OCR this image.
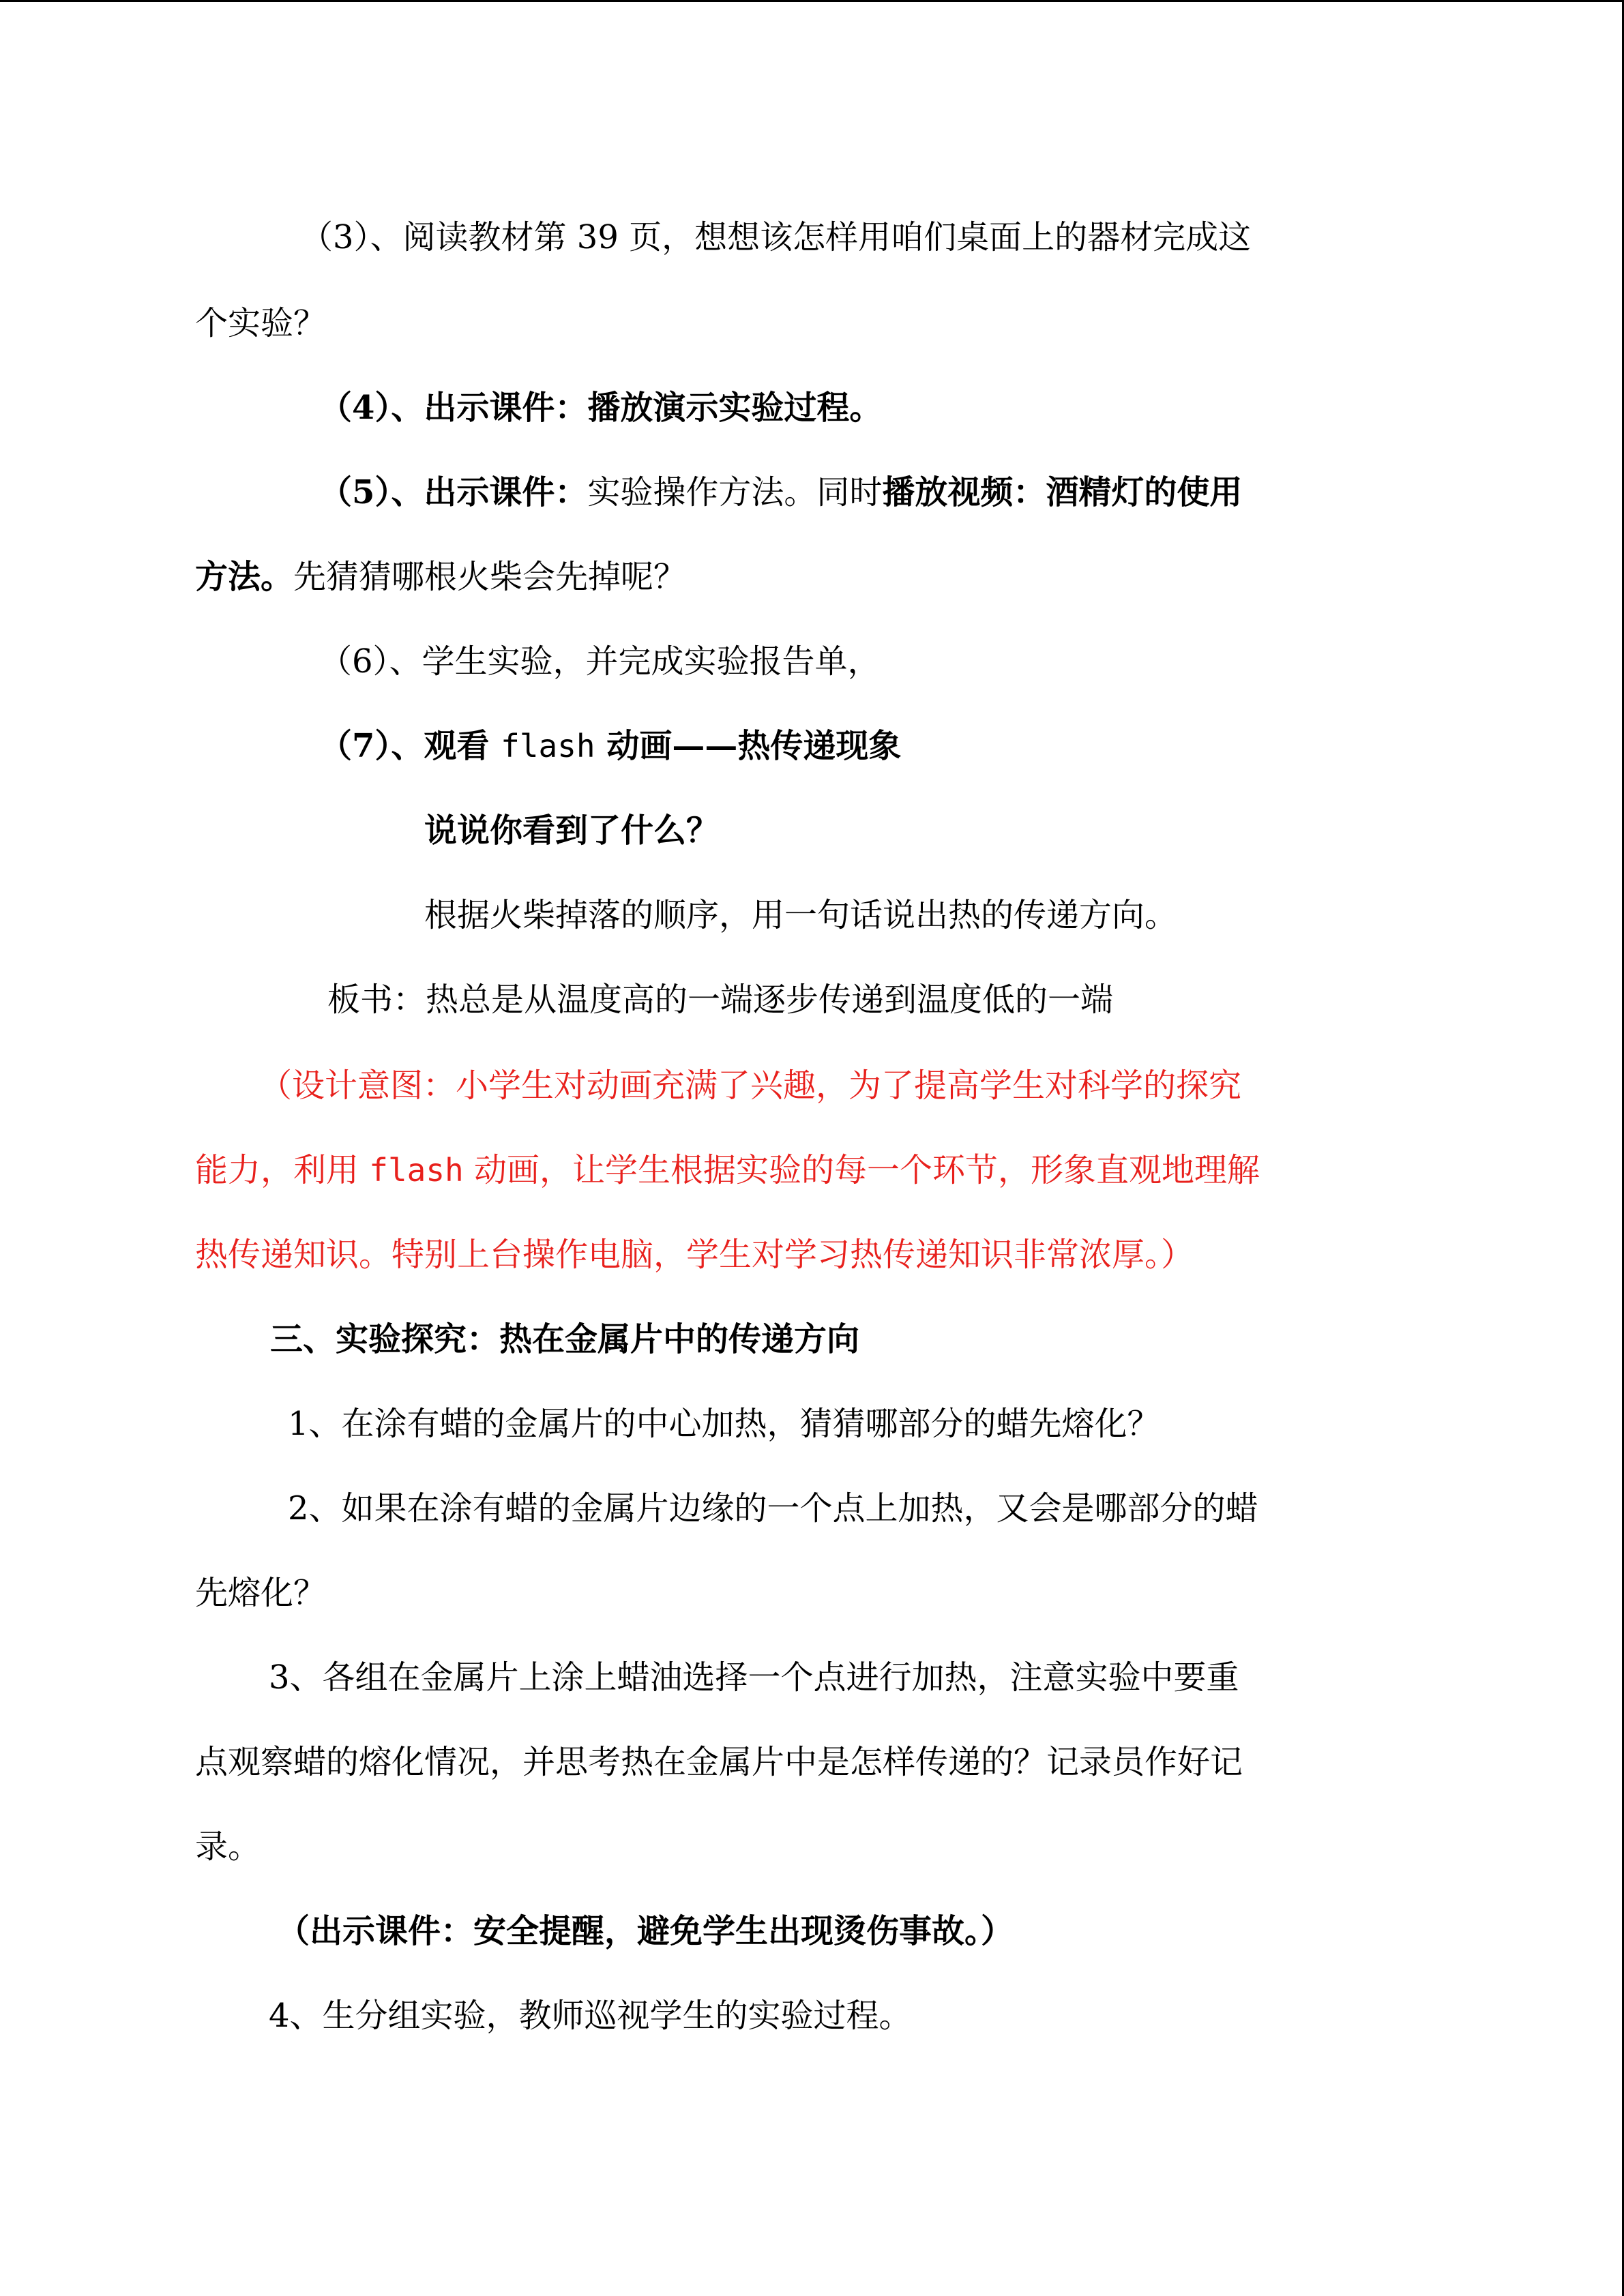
（3）、阅读教材第 39 页，想想该怎样用咱们桌面上的器材完成这
个实验？
（4）、出示课件：播放演示实验过程。
（5）、出示课件：实验操作方法。同时播放视频：酒精灯的使用
方法。先猜猜哪根火柴会先掉呢？
（6）、学生实验，并完成实验报告单，
（7）、观看 flash 动画——热传递现象
说说你看到了什么？
根据火柴掉落的顺序，用一句话说出热的传递方向。
板书：热总是从温度高的一端逐步传递到温度低的一端
（设计意图：小学生对动画充满了兴趣，为了提高学生对科学的探究
能力，利用 flash 动画，让学生根据实验的每一个环节，形象直观地理解
热传递知识。特别上台操作电脑，学生对学习热传递知识非常浓厚。）
三、实验探究：热在金属片中的传递方向
1、在涂有蜡的金属片的中心加热，猜猜哪部分的蜡先熔化？
2、如果在涂有蜡的金属片边缘的一个点上加热，又会是哪部分的蜡
先熔化？
3、各组在金属片上涂上蜡油选择一个点进行加热，注意实验中要重
点观察蜡的熔化情况，并思考热在金属片中是怎样传递的？记录员作好记
录。
（出示课件：安全提醒，避免学生出现烫伤事故。）
4、生分组实验，教师巡视学生的实验过程。
